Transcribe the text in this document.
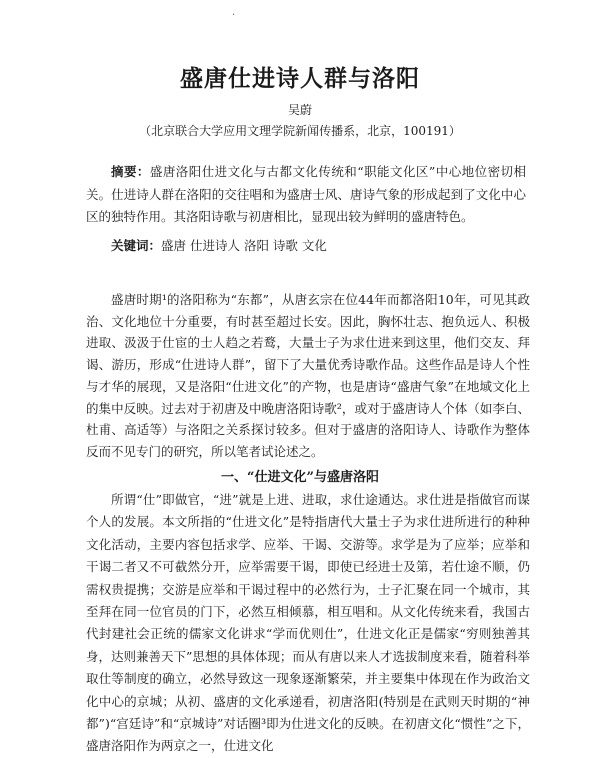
·
盛唐仕进诗人群与洛阳
吴蔚
（北京联合大学应用文理学院新闻传播系，北京，100191）

摘要：盛唐洛阳仕进文化与古都文化传统和“职能文化区”中心地位密切相关。仕进诗人群在洛阳的交往唱和为盛唐士风、唐诗气象的形成起到了文化中心区的独特作用。其洛阳诗歌与初唐相比，显现出较为鲜明的盛唐特色。

关键词：盛唐 仕进诗人 洛阳 诗歌 文化

盛唐时期¹的洛阳称为“东都”，从唐玄宗在位44年而都洛阳10年，可见其政治、文化地位十分重要，有时甚至超过长安。因此，胸怀壮志、抱负远人、积极进取、汲汲于仕宦的士人趋之若鹜，大量士子为求仕进来到这里，他们交友、拜谒、游历，形成“仕进诗人群”，留下了大量优秀诗歌作品。这些作品是诗人个性与才华的展现，又是洛阳“仕进文化”的产物，也是唐诗“盛唐气象”在地域文化上的集中反映。过去对于初唐及中晚唐洛阳诗歌²，或对于盛唐诗人个体（如李白、杜甫、高适等）与洛阳之关系探讨较多。但对于盛唐的洛阳诗人、诗歌作为整体反而不见专门的研究，所以笔者试论述之。

一、“仕进文化”与盛唐洛阳

所谓“仕”即做官，“进”就是上进、进取，求仕途通达。求仕进是指做官而谋个人的发展。本文所指的“仕进文化”是特指唐代大量士子为求仕进所进行的种种文化活动，主要内容包括求学、应举、干谒、交游等。求学是为了应举；应举和干谒二者又不可截然分开，应举需要干谒，即使已经进士及第，若仕途不顺，仍需权贵提携；交游是应举和干谒过程中的必然行为，士子汇聚在同一个城市，其至拜在同一位官员的门下，必然互相倾慕，相互唱和。从文化传统来看，我国古代封建社会正统的儒家文化讲求“学而优则仕”，仕进文化正是儒家“穷则独善其身，达则兼善天下”思想的具体体现；而从有唐以来人才选拔制度来看，随着科举取仕等制度的确立，必然导致这一现象逐渐繁荣，并主要集中体现在作为政治文化中心的京城；从初、盛唐的文化承递看，初唐洛阳(特别是在武则天时期的“神都”)“宫廷诗”和“京城诗”对话圈³即为仕进文化的反映。在初唐文化“惯性”之下，盛唐洛阳作为两京之一，仕进文化
